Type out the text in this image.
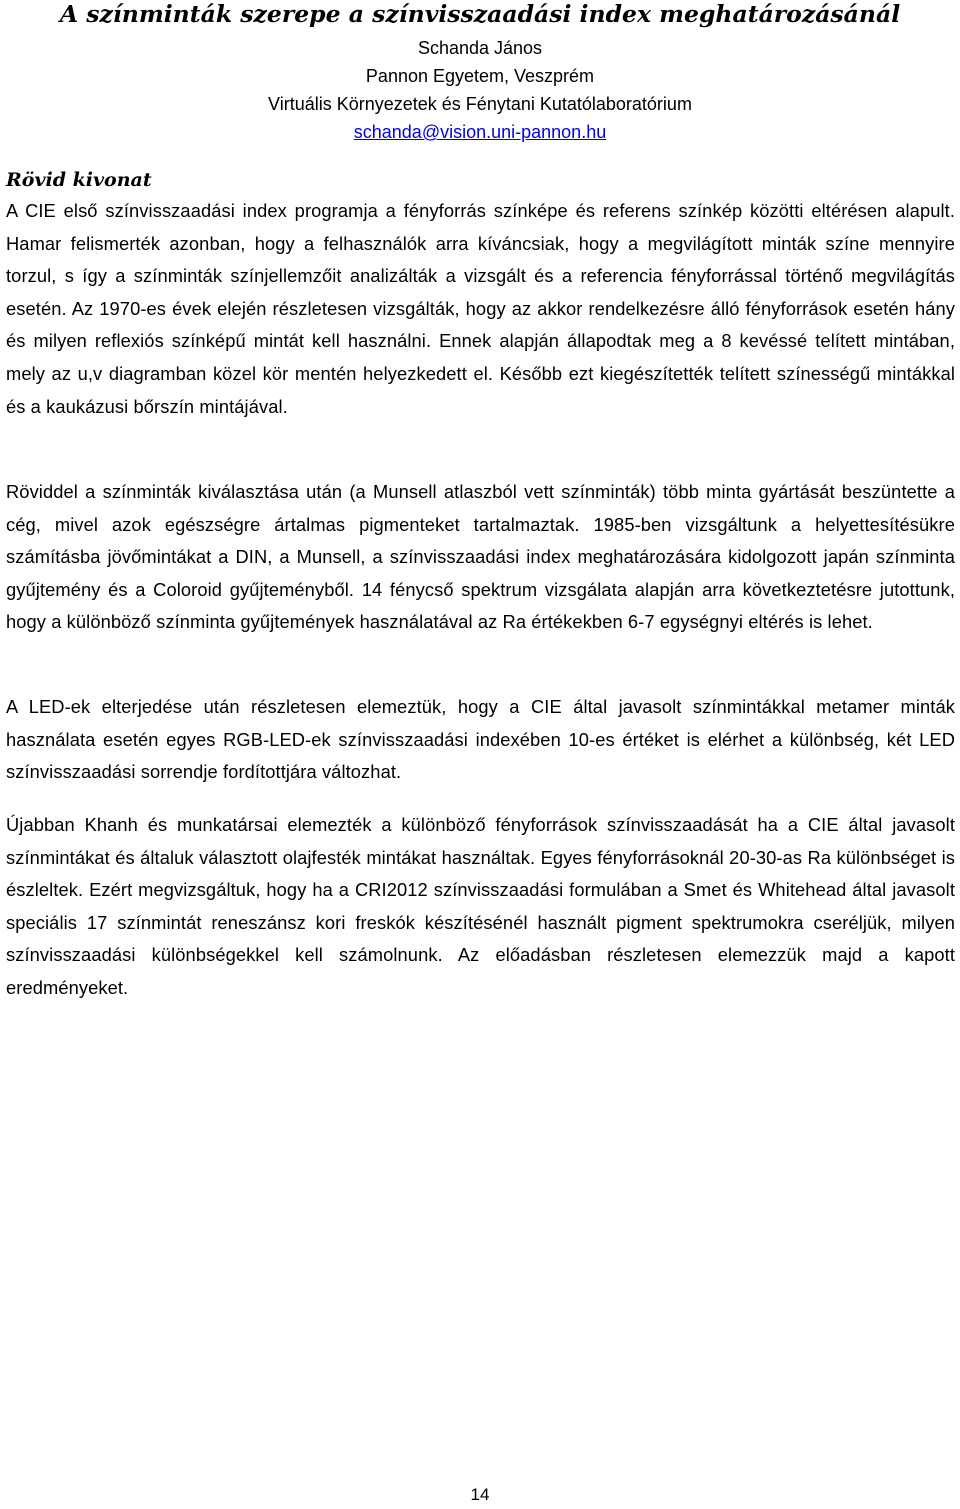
A színminták szerepe a színvisszaadási index meghatározásánál
Schanda János
Pannon Egyetem, Veszprém
Virtuális Környezetek és Fénytani Kutatólaboratórium
schanda@vision.uni-pannon.hu
Rövid kivonat

A CIE első színvisszaadási index programja a fényforrás színképe és referens színkép közötti eltérésen alapult. Hamar felismerték azonban, hogy a felhasználók arra kíváncsiak, hogy a megvilágított minták színe mennyire torzul, s így a színminták színjellemzőit analizálták a vizsgált és a referencia fényforrással történő megvilágítás esetén. Az 1970-es évek elején részletesen vizsgálták, hogy az akkor rendelkezésre álló fényforrások esetén hány és milyen reflexiós színképű mintát kell használni. Ennek alapján állapodtak meg a 8 kevéssé telített mintában, mely az u,v diagramban közel kör mentén helyezkedett el. Később ezt kiegészítették telített színességű mintákkal és a kaukázusi bőrszín mintájával.

Röviddel a színminták kiválasztása után (a Munsell atlaszból vett színminták) több minta gyártását beszüntette a cég, mivel azok egészségre ártalmas pigmenteket tartalmaztak. 1985-ben vizsgáltunk a helyettesítésükre számításba jövőmintákat a DIN, a Munsell, a színvisszaadási index meghatározására kidolgozott japán színminta gyűjtemény és a Coloroid gyűjteményből. 14 fénycső spektrum vizsgálata alapján arra következtetésre jutottunk, hogy a különböző színminta gyűjtemények használatával az Ra értékekben 6-7 egységnyi eltérés is lehet.

A LED-ek elterjedése után részletesen elemeztük, hogy a CIE által javasolt színmintákkal metamer minták használata esetén egyes RGB-LED-ek színvisszaadási indexében 10-es értéket is elérhet a különbség, két LED színvisszaadási sorrendje fordítottjára változhat.

Újabban Khanh és munkatársai elemezték a különböző fényforrások színvisszaadását ha a CIE által javasolt színmintákat és általuk választott olajfesték mintákat használtak. Egyes fényforrásoknál 20-30-as Ra különbséget is észleltek. Ezért megvizsgáltuk, hogy ha a CRI2012 színvisszaadási formulában a Smet és Whitehead által javasolt speciális 17 színmintát reneszánsz kori freskók készítésénél használt pigment spektrumokra cseréljük, milyen színvisszaadási különbségekkel kell számolnunk. Az előadásban részletesen elemezzük majd a kapott eredményeket.

14
